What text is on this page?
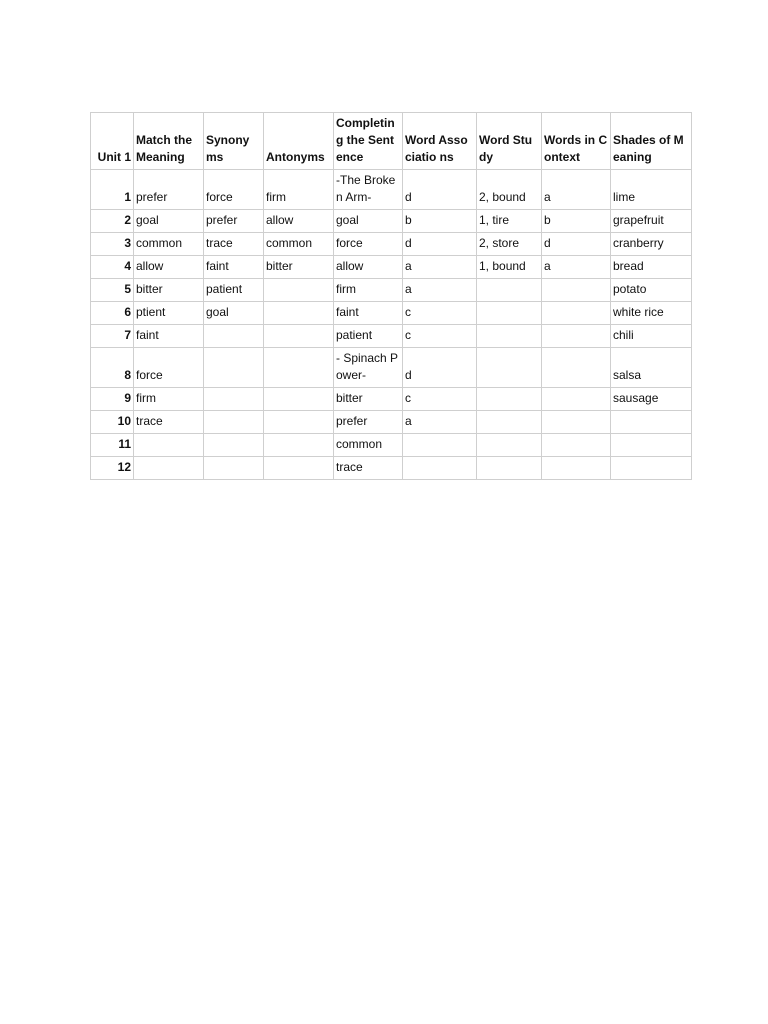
Unit 1	Match the Meaning	Synony ms	Antonyms	Completin g the Sentence	Word Associatio ns	Word Study	Words in Context	Shades of Meaning
1	prefer	force	firm	-The Broken Arm-	d	2, bound	a	lime
2	goal	prefer	allow	goal	b	1, tire	b	grapefruit
3	common	trace	common	force	d	2, store	d	cranberry
4	allow	faint	bitter	allow	a	1, bound	a	bread
5	bitter	patient		firm	a			potato
6	ptient	goal		faint	c			white rice
7	faint			patient	c			chili
8	force			- Spinach Power-	d			salsa
9	firm			bitter	c			sausage
10	trace			prefer	a			
11				common				
12				trace				
